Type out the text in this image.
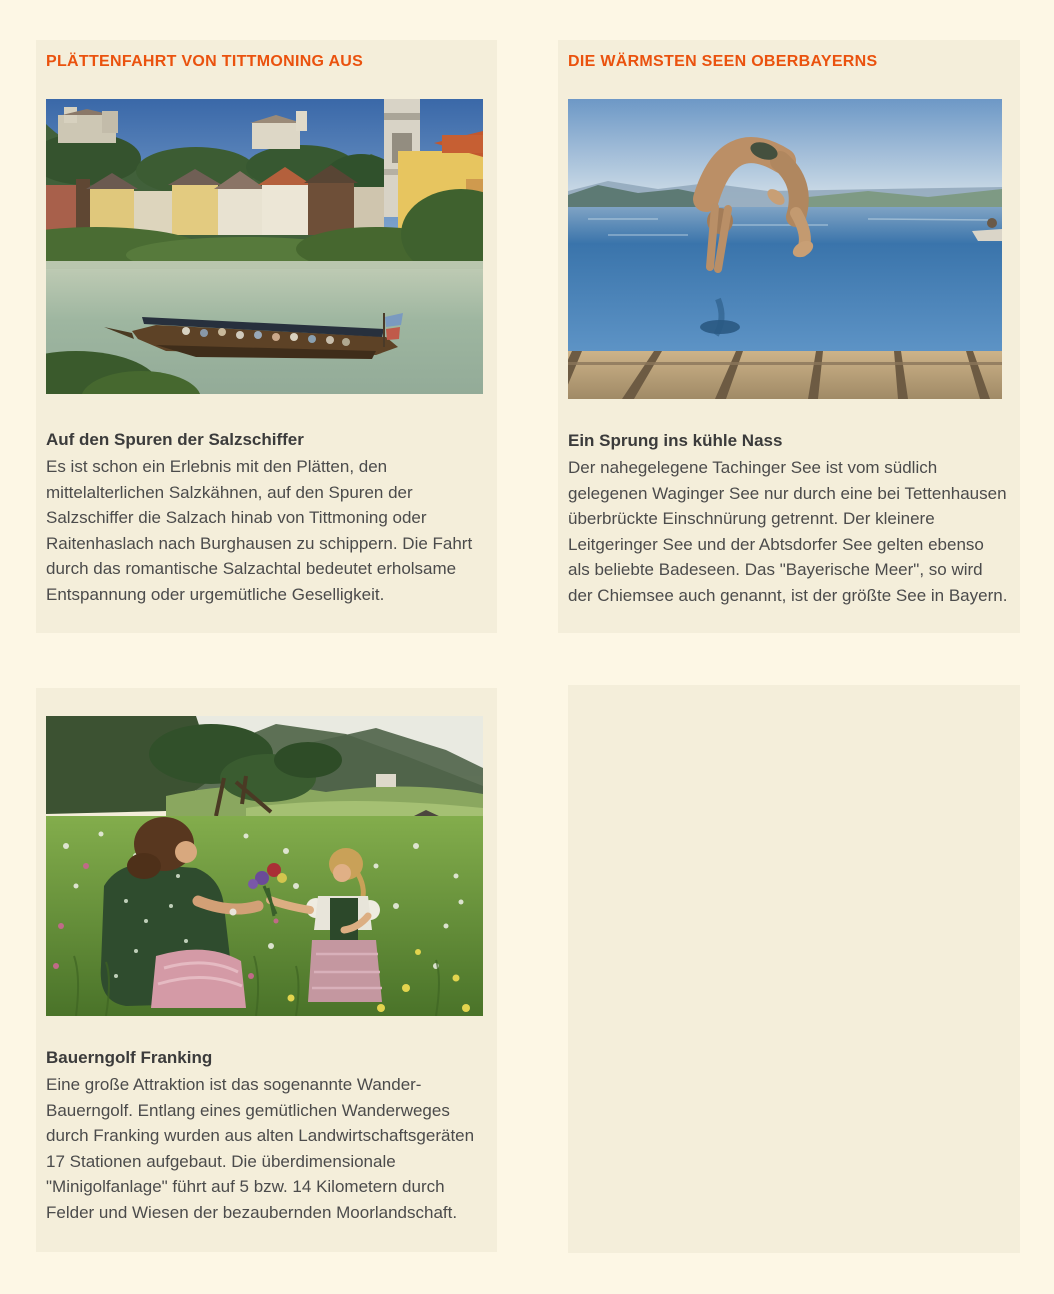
PLÄTTENFAHRT VON TITTMONING AUS
Auf den Spuren der Salzschiffer

Es ist schon ein Erlebnis mit den Plätten, den mittelalterlichen Salzkähnen, auf den Spuren der Salzschiffer die Salzach hinab von Tittmoning oder Raitenhaslach nach Burghausen zu schippern. Die Fahrt durch das romantische Salzachtal bedeutet erholsame Entspannung oder urgemütliche Geselligkeit.

DIE WÄRMSTEN SEEN OBERBAYERNS
Ein Sprung ins kühle Nass

Der nahegelegene Tachinger See ist vom südlich gelegenen Waginger See nur durch eine bei Tettenhausen überbrückte Einschnürung getrennt. Der kleinere Leitgeringer See und der Abtsdorfer See gelten ebenso als beliebte Badeseen. Das "Bayerische Meer", so wird der Chiemsee auch genannt, ist der größte See in Bayern.

Bauerngolf Franking

Eine große Attraktion ist das sogenannte Wander-Bauerngolf. Entlang eines gemütlichen Wanderweges durch Franking wurden aus alten Landwirtschaftsgeräten 17 Stationen aufgebaut. Die überdimensionale "Minigolfanlage" führt auf 5 bzw. 14 Kilometern durch Felder und Wiesen der bezaubernden Moorlandschaft.
